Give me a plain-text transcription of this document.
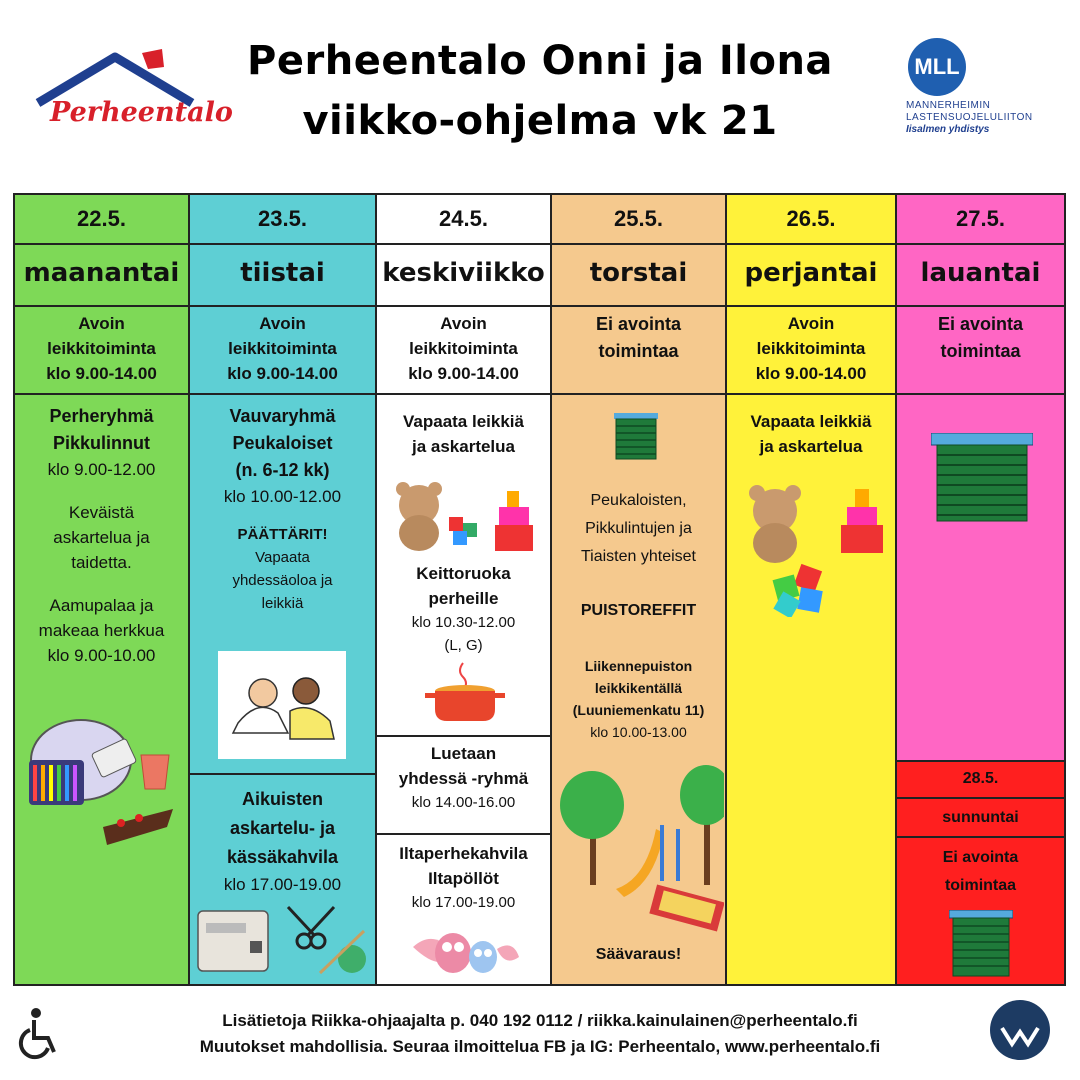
Perheentalo
Perheentalo Onni ja Ilona
viikko-ohjelma vk 21
MLL
MANNERHEIMIN
LASTENSUOJELULIITON
Iisalmen yhdistys
22.5.
maanantai
Avoin
leikkitoiminta
klo 9.00-14.00
Perheryhmä
Pikkulinnut
klo 9.00-12.00
Keväistä
askartelua ja
taidetta.
Aamupalaa ja
makeaa herkkua
klo 9.00-10.00
23.5.
tiistai
Avoin
leikkitoiminta
klo 9.00-14.00
Vauvaryhmä
Peukaloiset
(n. 6-12 kk)
klo 10.00-12.00
PÄÄTTÄRIT!
Vapaata
yhdessäoloa ja
leikkiä
Aikuisten
askartelu- ja
kässäkahvila
klo 17.00-19.00
24.5.
keskiviikko
Avoin
leikkitoiminta
klo 9.00-14.00
Vapaata leikkiä
ja askartelua
Keittoruoka
perheille
klo 10.30-12.00
(L, G)
Luetaan
yhdessä -ryhmä
klo 14.00-16.00
Iltaperhekahvila
Iltapöllöt
klo 17.00-19.00
25.5.
torstai
Ei avointa
toimintaa
Peukaloisten,
Pikkulintujen ja
Tiaisten yhteiset
PUISTOREFFIT
Liikennepuiston
leikkikentällä
(Luuniemenkatu 11)
klo 10.00-13.00
Säävaraus!
26.5.
perjantai
Avoin
leikkitoiminta
klo 9.00-14.00
Vapaata leikkiä
ja askartelua
27.5.
lauantai
Ei avointa
toimintaa
28.5.
sunnuntai
Ei avointa
toimintaa
Lisätietoja Riikka-ohjaajalta p. 040 192 0112 / riikka.kainulainen@perheentalo.fi
Muutokset mahdollisia. Seuraa ilmoittelua FB ja IG: Perheentalo, www.perheentalo.fi
